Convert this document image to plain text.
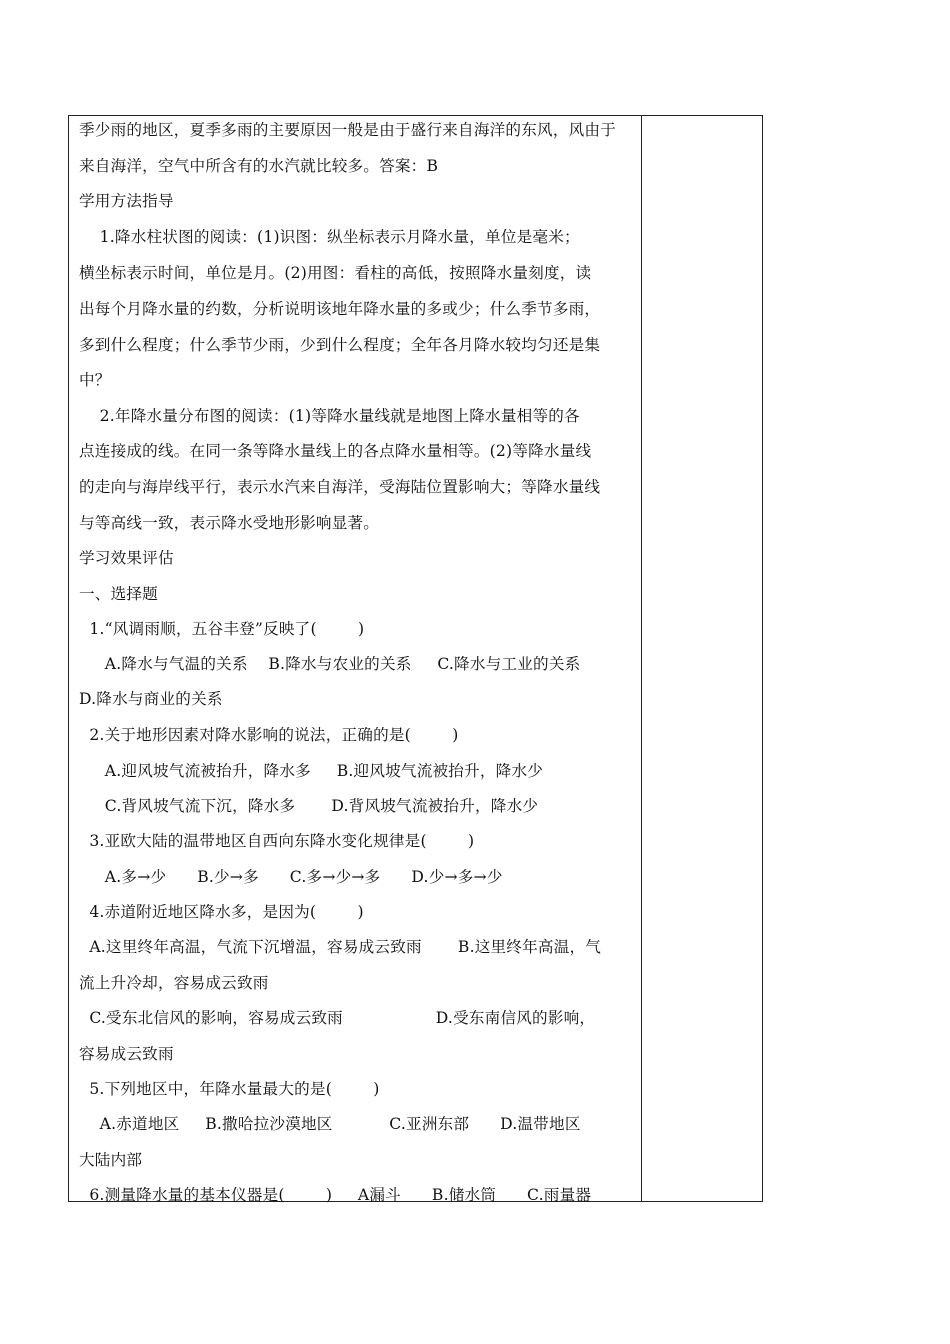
季少雨的地区，夏季多雨的主要原因一般是由于盛行来自海洋的东风，风由于
来自海洋，空气中所含有的水汽就比较多。答案：B
学用方法指导
1.降水柱状图的阅读：(1)识图：纵坐标表示月降水量，单位是毫米；
横坐标表示时间，单位是月。(2)用图：看柱的高低，按照降水量刻度，读
出每个月降水量的约数，分析说明该地年降水量的多或少；什么季节多雨，
多到什么程度；什么季节少雨，少到什么程度；全年各月降水较均匀还是集
中？
2.年降水量分布图的阅读：(1)等降水量线就是地图上降水量相等的各
点连接成的线。在同一条等降水量线上的各点降水量相等。(2)等降水量线
的走向与海岸线平行，表示水汽来自海洋，受海陆位置影响大；等降水量线
与等高线一致，表示降水受地形影响显著。
学习效果评估
一、选择题
1.“风调雨顺，五谷丰登”反映了(        )
A.降水与气温的关系    B.降水与农业的关系     C.降水与工业的关系
D.降水与商业的关系
2.关于地形因素对降水影响的说法，正确的是(        )
A.迎风坡气流被抬升，降水多     B.迎风坡气流被抬升，降水少
C.背风坡气流下沉，降水多       D.背风坡气流被抬升，降水少
3.亚欧大陆的温带地区自西向东降水变化规律是(        )
A.多→少      B.少→多      C.多→少→多      D.少→多→少
4.赤道附近地区降水多，是因为(        )
A.这里终年高温，气流下沉增温，容易成云致雨       B.这里终年高温，气
流上升冷却，容易成云致雨
C.受东北信风的影响，容易成云致雨                  D.受东南信风的影响，
容易成云致雨
5.下列地区中，年降水量最大的是(        )
A.赤道地区     B.撒哈拉沙漠地区           C.亚洲东部      D.温带地区
大陆内部
6.测量降水量的基本仪器是(        )     A漏斗      B.储水筒      C.雨量器
